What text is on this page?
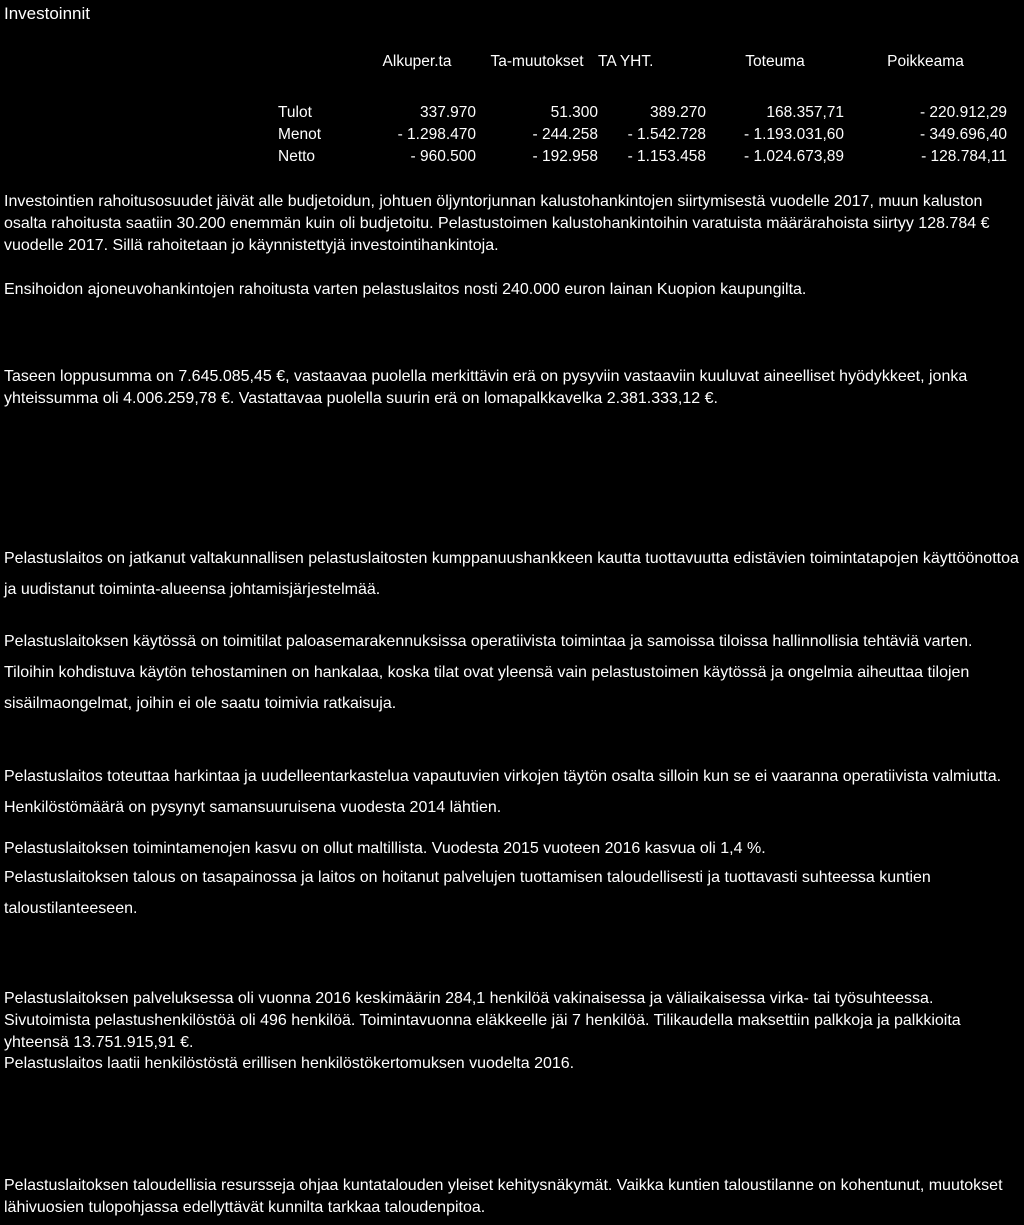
Investoinnit
	Alkuper.ta	Ta-muutokset	TA YHT.	Toteuma	Poikkeama

Tulot	337.970	51.300	389.270	168.357,71	- 220.912,29
Menot	- 1.298.470	- 244.258	- 1.542.728	- 1.193.031,60	- 349.696,40
Netto	- 960.500	- 192.958	- 1.153.458	- 1.024.673,89	- 128.784,11

Investointien rahoitusosuudet jäivät alle budjetoidun, johtuen öljyntorjunnan kalustohankintojen siirtymisestä vuodelle 2017, muun kaluston osalta rahoitusta saatiin 30.200 enemmän kuin oli budjetoitu. Pelastustoimen kalustohankintoihin varatuista määrärahoista siirtyy 128.784 € vuodelle 2017. Sillä rahoitetaan jo käynnistettyjä investointihankintoja.

Ensihoidon ajoneuvohankintojen rahoitusta varten pelastuslaitos nosti 240.000 euron lainan Kuopion kaupungilta.

Taseen loppusumma on 7.645.085,45 €, vastaavaa puolella merkittävin erä on pysyviin vastaaviin kuuluvat aineelliset hyödykkeet, jonka yhteissumma oli 4.006.259,78 €. Vastattavaa puolella suurin erä on lomapalkkavelka 2.381.333,12 €.

Pelastuslaitos on jatkanut valtakunnallisen pelastuslaitosten kumppanuushankkeen kautta tuottavuutta edistävien toimintatapojen käyttöönottoa ja uudistanut toiminta-alueensa johtamisjärjestelmää.

Pelastuslaitoksen käytössä on toimitilat paloasemarakennuksissa operatiivista toimintaa ja samoissa tiloissa hallinnollisia tehtäviä varten. Tiloihin kohdistuva käytön tehostaminen on hankalaa, koska tilat ovat yleensä vain pelastustoimen käytössä ja ongelmia aiheuttaa tilojen sisäilmaongelmat, joihin ei ole saatu toimivia ratkaisuja.

Pelastuslaitos toteuttaa harkintaa ja uudelleentarkastelua vapautuvien virkojen täytön osalta silloin kun se ei vaaranna operatiivista valmiutta. Henkilöstömäärä on pysynyt samansuuruisena vuodesta 2014 lähtien.

Pelastuslaitoksen toimintamenojen kasvu on ollut maltillista. Vuodesta 2015 vuoteen 2016 kasvua oli 1,4 %.

Pelastuslaitoksen talous on tasapainossa ja laitos on hoitanut palvelujen tuottamisen taloudellisesti ja tuottavasti suhteessa kuntien taloustilanteeseen.

Pelastuslaitoksen palveluksessa oli vuonna 2016 keskimäärin 284,1 henkilöä vakinaisessa ja väliaikaisessa virka- tai työsuhteessa. Sivutoimista pelastushenkilöstöä oli 496 henkilöä. Toimintavuonna eläkkeelle jäi 7 henkilöä. Tilikaudella maksettiin palkkoja ja palkkioita yhteensä 13.751.915,91 €.

Pelastuslaitos laatii henkilöstöstä erillisen henkilöstökertomuksen vuodelta 2016.

Pelastuslaitoksen taloudellisia resursseja ohjaa kuntatalouden yleiset kehitysnäkymät. Vaikka kuntien taloustilanne on kohentunut, muutokset lähivuosien tulopohjassa edellyttävät kunnilta tarkkaa taloudenpitoa.
